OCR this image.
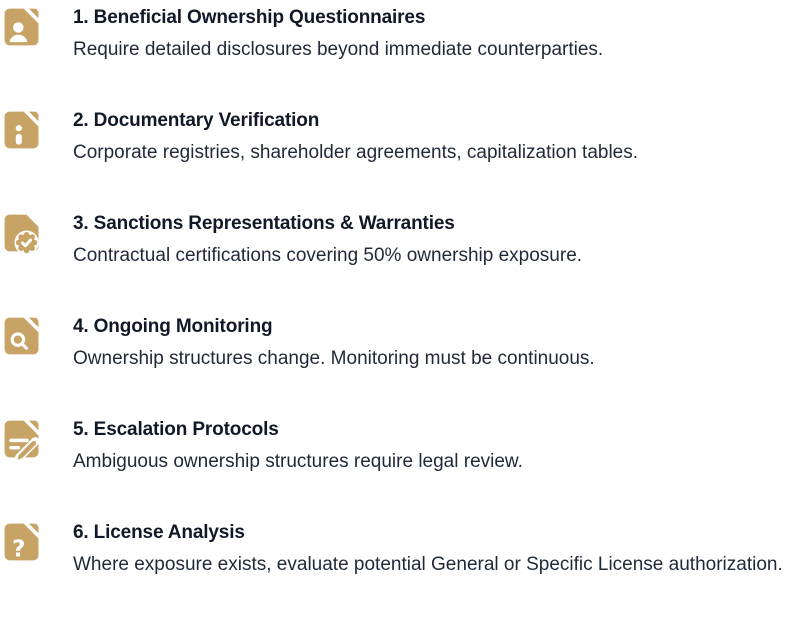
1. Beneficial Ownership Questionnaires

Require detailed disclosures beyond immediate counterparties.

2. Documentary Verification

Corporate registries, shareholder agreements, capitalization tables.

3. Sanctions Representations & Warranties

Contractual certifications covering 50% ownership exposure.

4. Ongoing Monitoring

Ownership structures change. Monitoring must be continuous.

5. Escalation Protocols

Ambiguous ownership structures require legal review.

?
6. License Analysis

Where exposure exists, evaluate potential General or Specific License authorization.
